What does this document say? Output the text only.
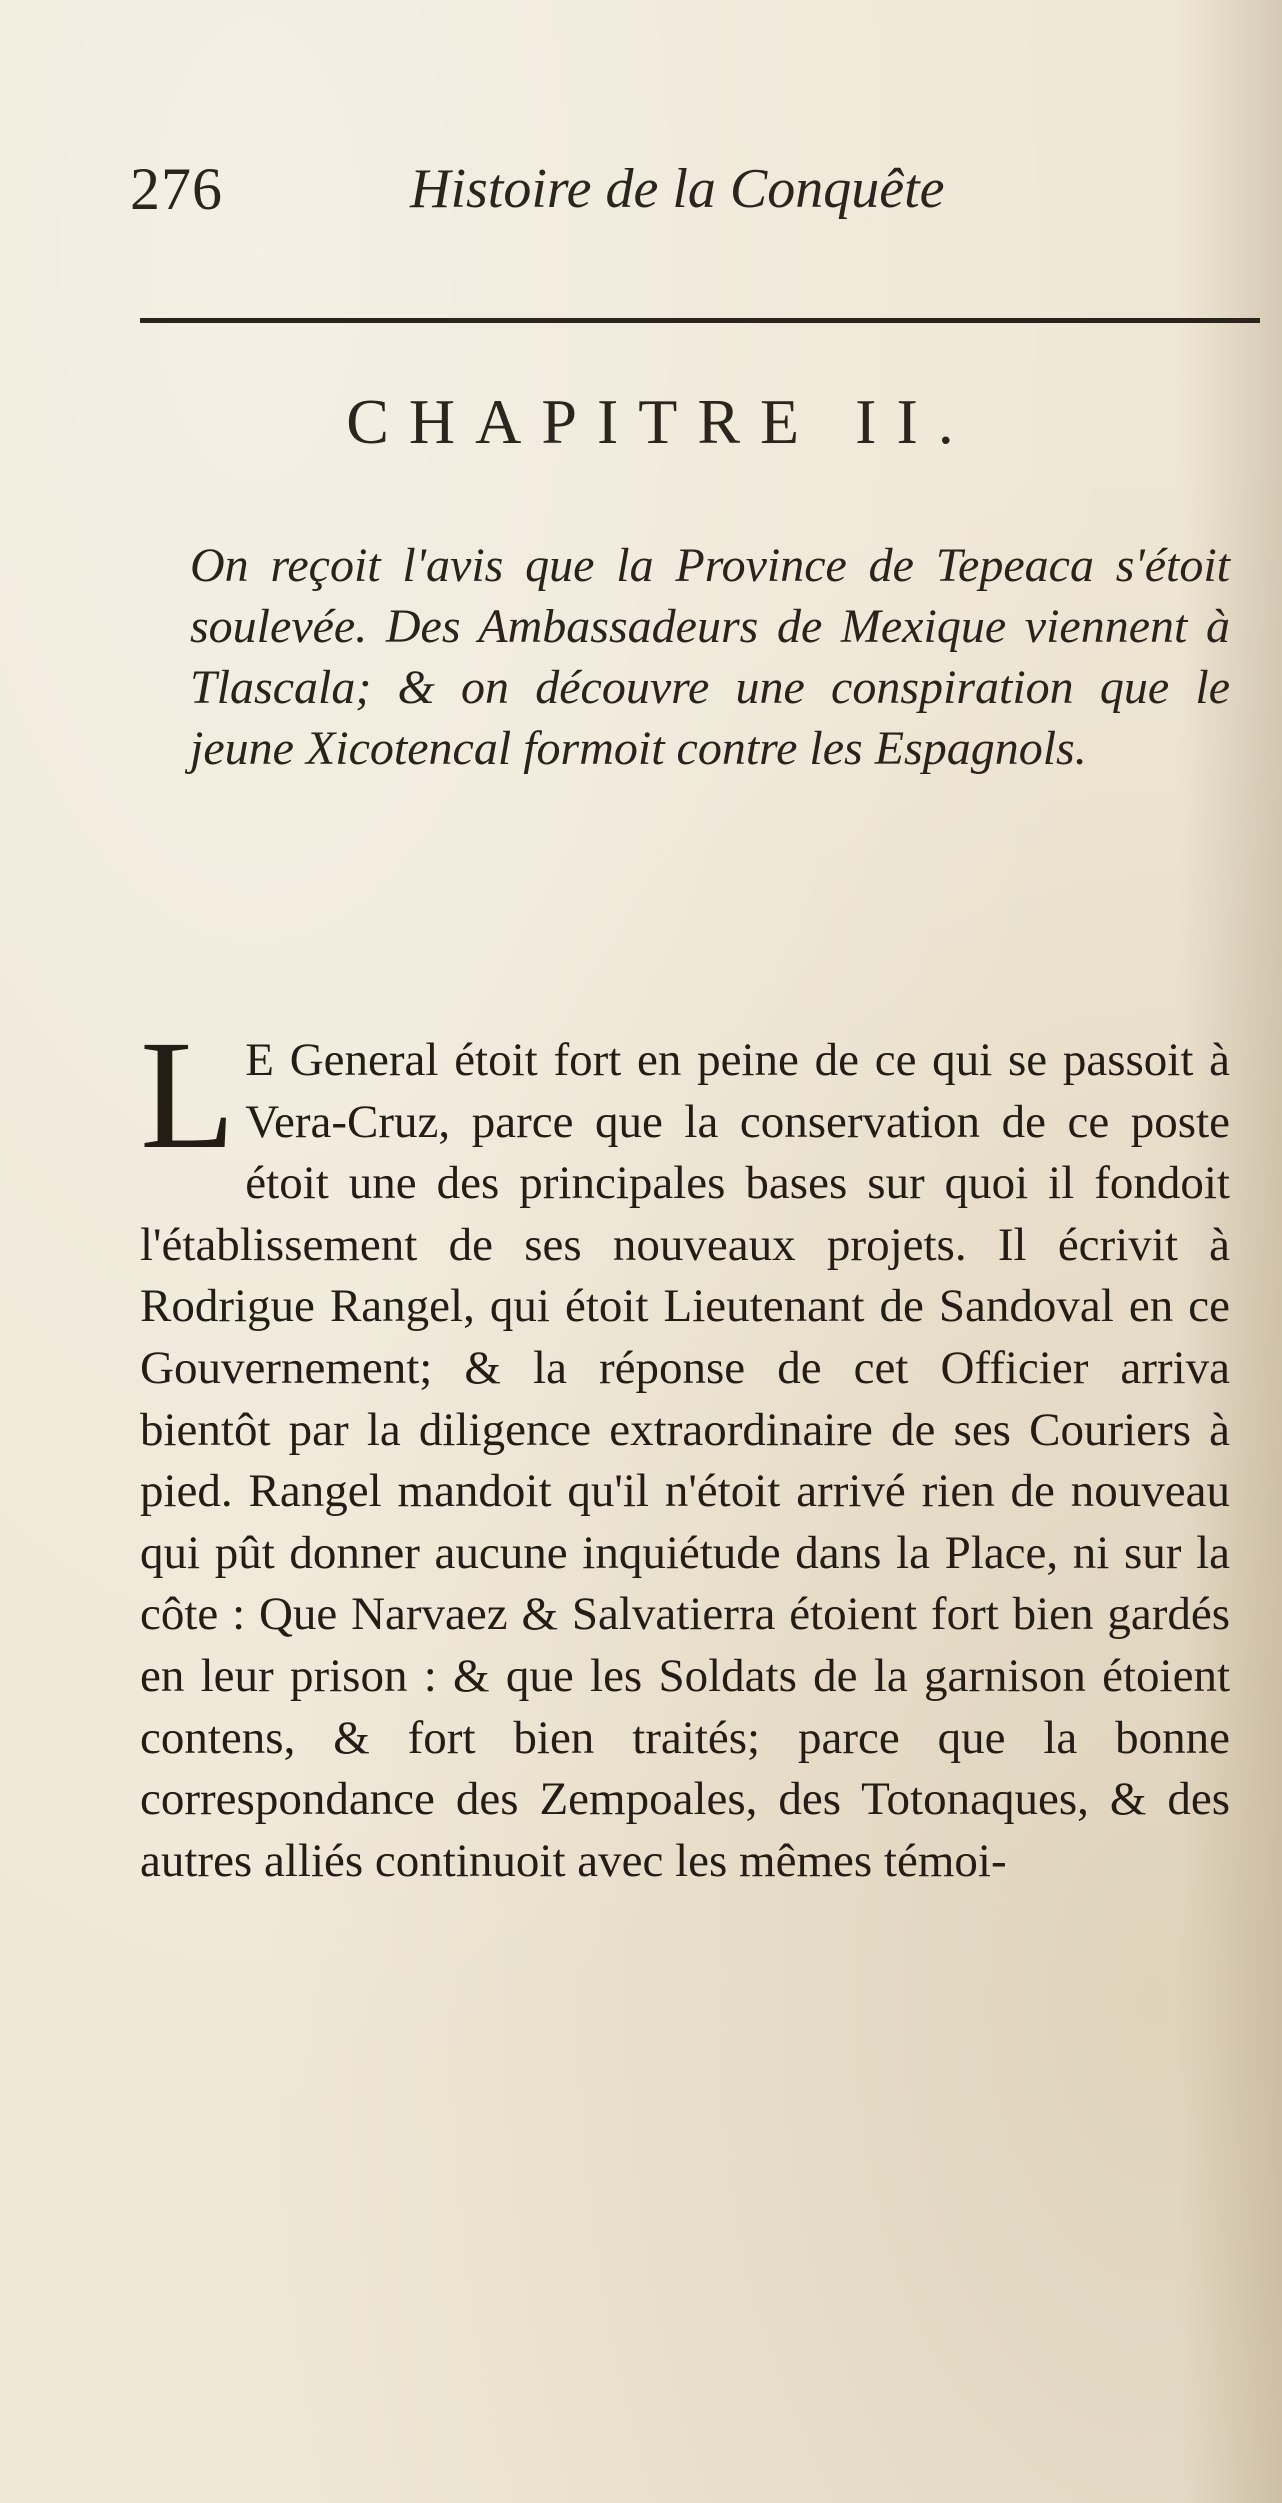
276	Histoire de la Conquête
CHAPITRE II.
On reçoit l'avis que la Province de Tepeaca s'étoit soulevée. Des Ambassadeurs de Mexique viennent à Tlascala; & on découvre une conspiration que le jeune Xicotencal formoit contre les Espagnols.
L E General étoit fort en peine de ce qui se passoit à Vera-Cruz, parce que la conservation de ce poste étoit une des principales bases sur quoi il fondoit l'établissement de ses nouveaux projets. Il écrivit à Rodrigue Rangel, qui étoit Lieutenant de Sandoval en ce Gouvernement; & la réponse de cet Officier arriva bientôt par la diligence extraordinaire de ses Couriers à pied. Rangel mandoit qu'il n'étoit arrivé rien de nouveau qui pût donner aucune inquiétude dans la Place, ni sur la côte : Que Narvaez & Salvatierra étoient fort bien gardés en leur prison : & que les Soldats de la garnison étoient contens, & fort bien traités; parce que la bonne correspondance des Zempoales, des Totonaques, & des autres alliés continuoit avec les mêmes témoi-
